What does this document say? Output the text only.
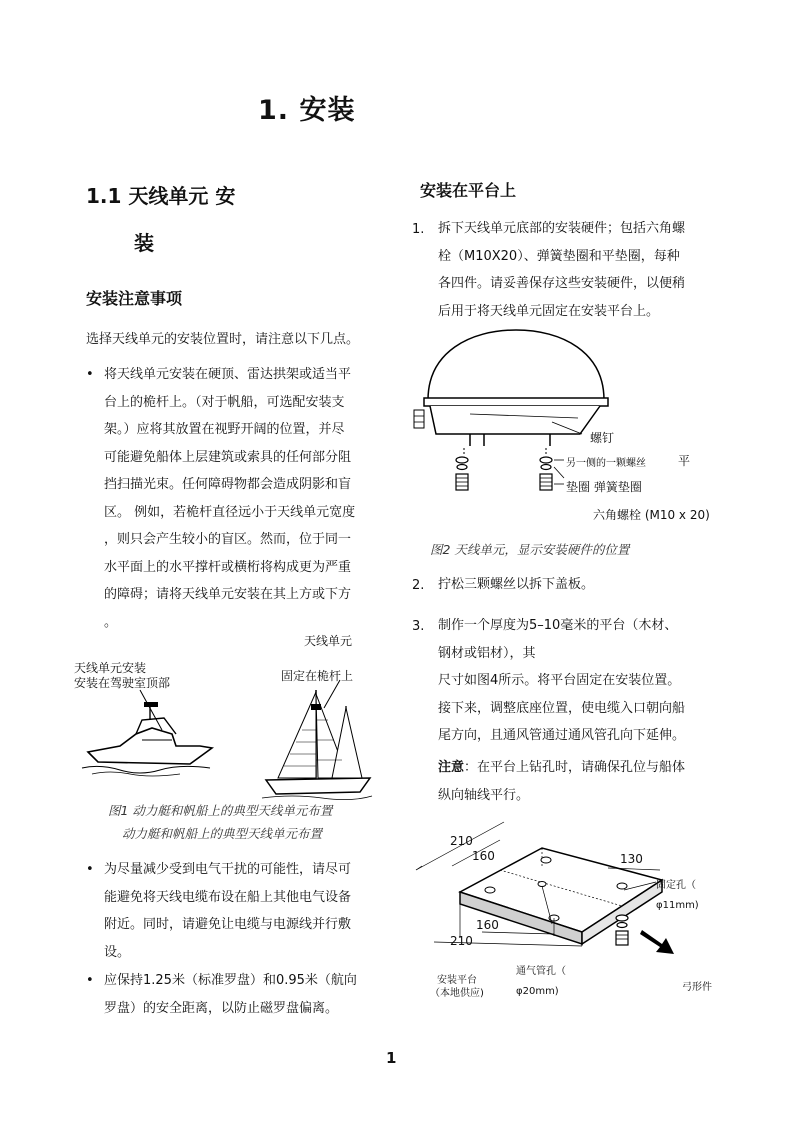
1. 安装
1.1 天线单元 安
装
安装注意事项
选择天线单元的安装位置时，请注意以下几点。
• 将天线单元安装在硬顶、雷达拱架或适当平
台上的桅杆上。（对于帆船，可选配安装支
架。）应将其放置在视野开阔的位置，并尽
可能避免船体上层建筑或索具的任何部分阻
挡扫描光束。任何障碍物都会造成阴影和盲
区。 例如，若桅杆直径远小于天线单元宽度
，则只会产生较小的盲区。然而，位于同一
水平面上的水平撑杆或横桁将构成更为严重
的障碍；请将天线单元安装在其上方或下方
。
天线单元
天线单元安装
安装在驾驶室顶部	固定在桅杆上
图1 动力艇和帆船上的典型天线单元布置
动力艇和帆船上的典型天线单元布置
• 为尽量减少受到电气干扰的可能性，请尽可
能避免将天线电缆布设在船上其他电气设备
附近。同时，请避免让电缆与电源线并行敷
设。
• 应保持1.25米（标准罗盘）和0.95米（航向
罗盘）的安全距离，以防止磁罗盘偏离。
安装在平台上
1. 拆下天线单元底部的安装硬件；包括六角螺
栓（M10X20）、弹簧垫圈和平垫圈，每种
各四件。请妥善保存这些安装硬件，以便稍
后用于将天线单元固定在安装平台上。
螺钉
另一侧的一颗螺丝	平
垫圈 弹簧垫圈
六角螺栓 (M10 x 20)
图2 天线单元，显示安装硬件的位置
2. 拧松三颗螺丝以拆下盖板。
3. 制作一个厚度为5–10毫米的平台（木材、
钢材或铝材），其
尺寸如图4所示。将平台固定在安装位置。
接下来，调整底座位置，使电缆入口朝向船
尾方向，且通风管通过通风管孔向下延伸。
注意：在平台上钻孔时，请确保孔位与船体
纵向轴线平行。
210
160	130
160
210
固定孔（
φ11mm)
通气管孔（
φ20mm)
安装平台
（本地供应)
弓形件
1
